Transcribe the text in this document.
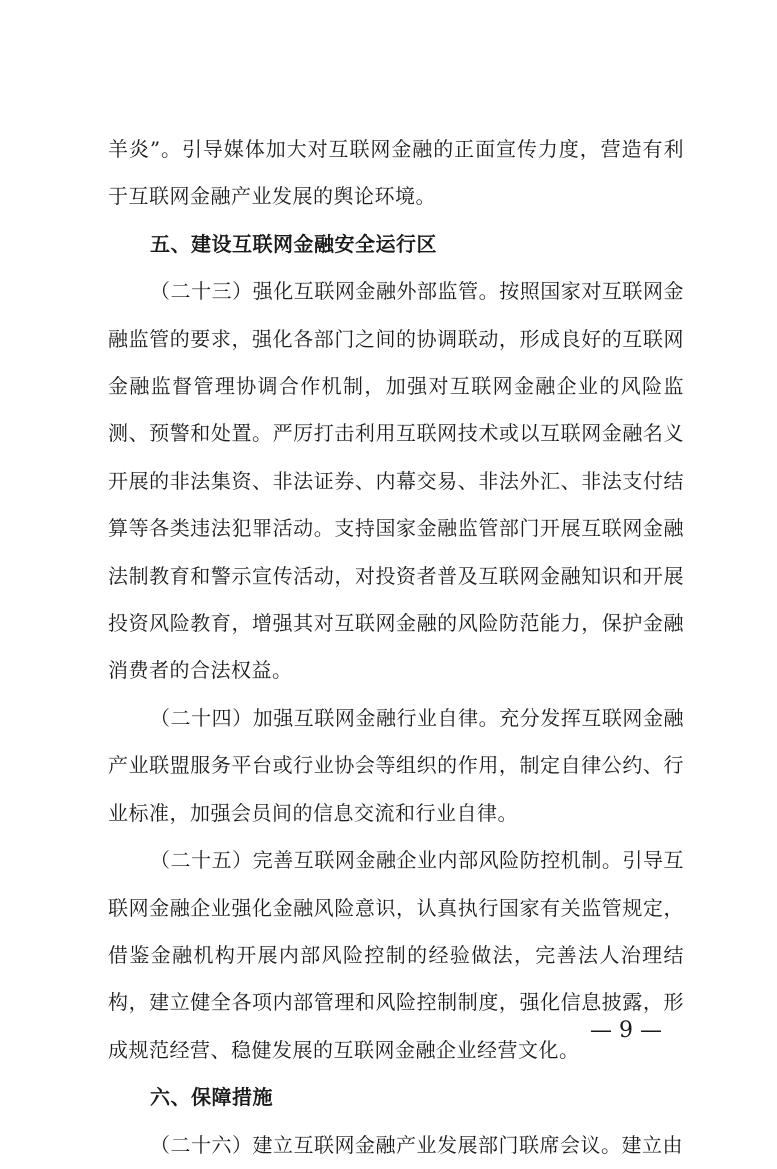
羊炎”。引导媒体加大对互联网金融的正面宣传力度，营造有利于互联网金融产业发展的舆论环境。

五、建设互联网金融安全运行区

（二十三）强化互联网金融外部监管。按照国家对互联网金融监管的要求，强化各部门之间的协调联动，形成良好的互联网金融监督管理协调合作机制，加强对互联网金融企业的风险监测、预警和处置。严厉打击利用互联网技术或以互联网金融名义开展的非法集资、非法证券、内幕交易、非法外汇、非法支付结算等各类违法犯罪活动。支持国家金融监管部门开展互联网金融法制教育和警示宣传活动，对投资者普及互联网金融知识和开展投资风险教育，增强其对互联网金融的风险防范能力，保护金融消费者的合法权益。

（二十四）加强互联网金融行业自律。充分发挥互联网金融产业联盟服务平台或行业协会等组织的作用，制定自律公约、行业标准，加强会员间的信息交流和行业自律。

（二十五）完善互联网金融企业内部风险防控机制。引导互联网金融企业强化金融风险意识，认真执行国家有关监管规定，借鉴金融机构开展内部风险控制的经验做法，完善法人治理结构，建立健全各项内部管理和风险控制制度，强化信息披露，形成规范经营、稳健发展的互联网金融企业经营文化。

六、保障措施

（二十六）建立互联网金融产业发展部门联席会议。建立由

— 9 —
